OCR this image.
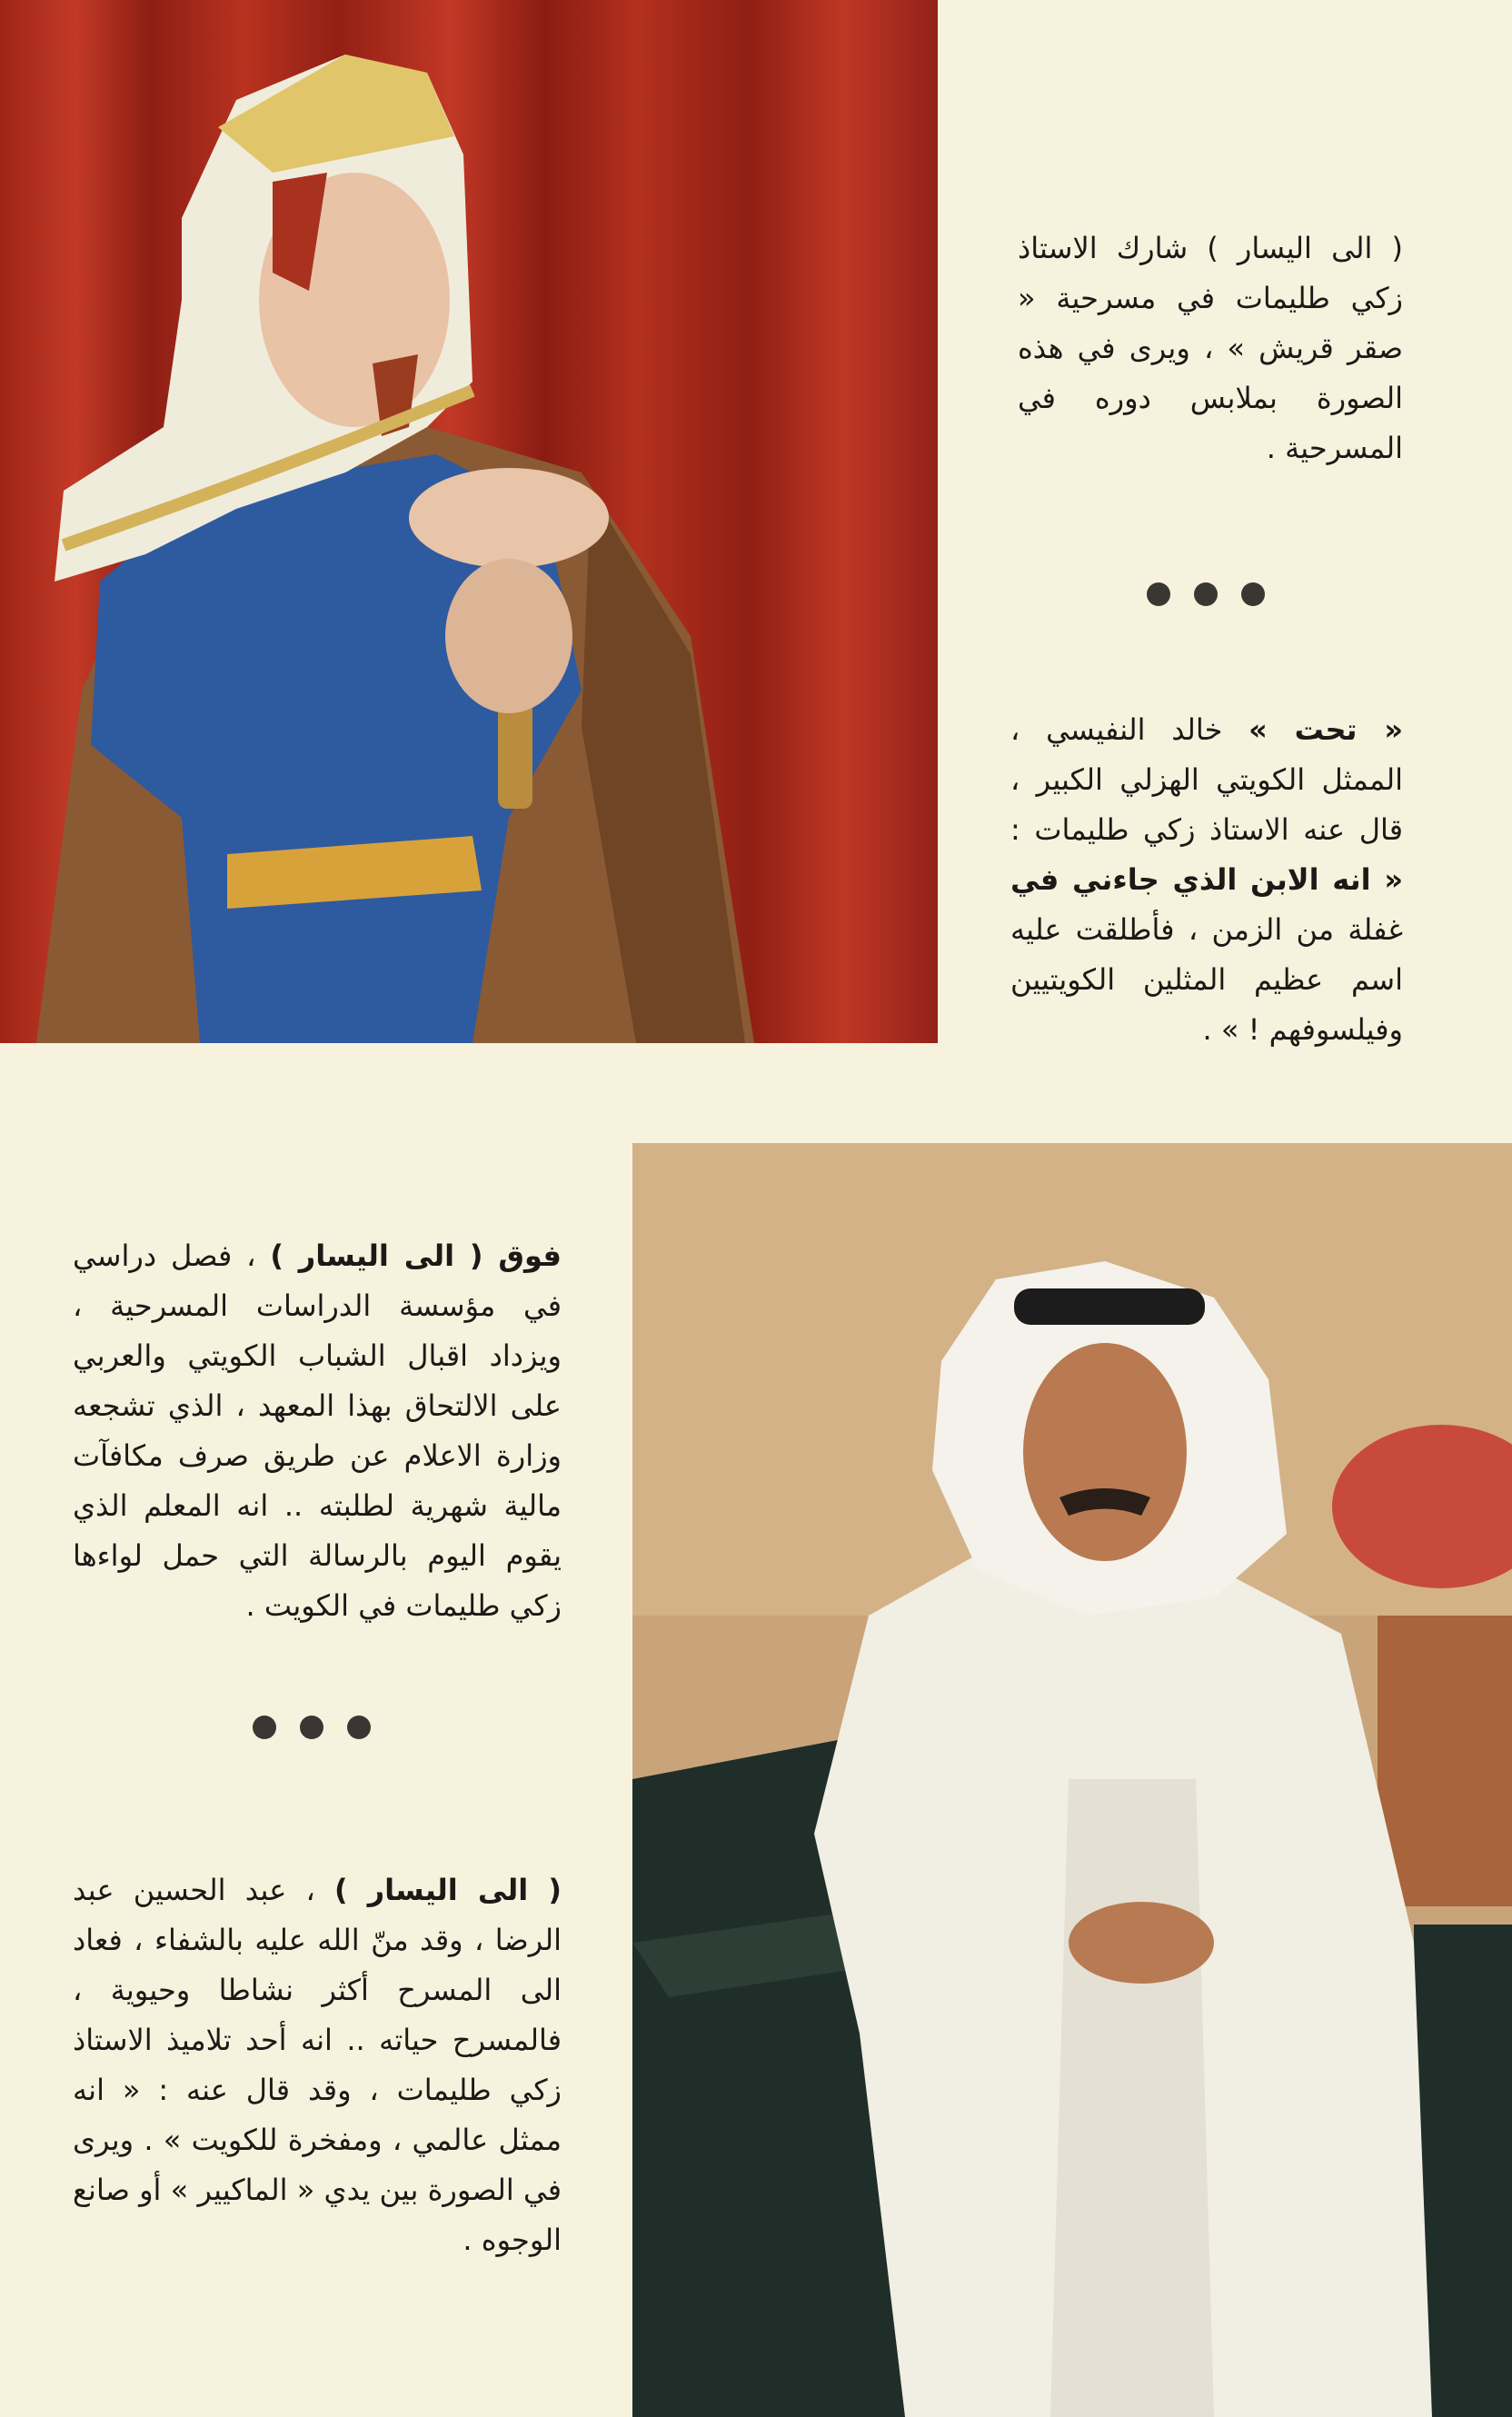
( الى اليسار ) شارك الاستاذ زكي طليمات في مسرحية « صقر قريش » ، ويرى في هذه الصورة بملابس دوره في المسرحية .

« تحت » خالد النفيسي ، الممثل الكويتي الهزلي الكبير ، قال عنه الاستاذ زكي طليمات : « انه الابن الذي جاءني في غفلة من الزمن ، فأطلقت عليه اسم عظيم المثلين الكويتيين وفيلسوفهم ! » .

فوق ( الى اليسار ) ، فصل دراسي في مؤسسة الدراسات المسرحية ، ويزداد اقبال الشباب الكويتي والعربي على الالتحاق بهذا المعهد ، الذي تشجعه وزارة الاعلام عن طريق صرف مكافآت مالية شهرية لطلبته .. انه المعلم الذي يقوم اليوم بالرسالة التي حمل لواءها زكي طليمات في الكويت .

( الى اليسار ) ، عبد الحسين عبد الرضا ، وقد منّ الله عليه بالشفاء ، فعاد الى المسرح أكثر نشاطا وحيوية ، فالمسرح حياته .. انه أحد تلاميذ الاستاذ زكي طليمات ، وقد قال عنه : « انه ممثل عالمي ، ومفخرة للكويت » . ويرى في الصورة بين يدي « الماكيير » أو صانع الوجوه .
